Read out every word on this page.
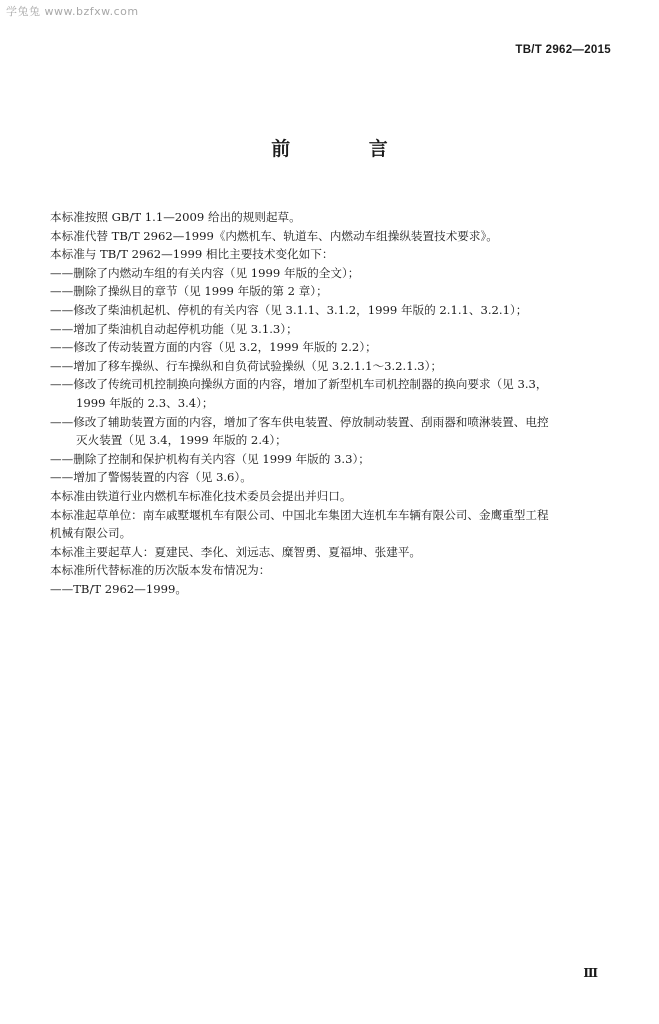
学兔兔 www.bzfxw.com
TB/T 2962—2015
前 言
本标准按照 GB/T 1.1—2009 给出的规则起草。
本标准代替 TB/T 2962—1999《内燃机车、轨道车、内燃动车组操纵装置技术要求》。
本标准与 TB/T 2962—1999 相比主要技术变化如下：
——删除了内燃动车组的有关内容（见 1999 年版的全文）；
——删除了操纵目的章节（见 1999 年版的第 2 章）；
——修改了柴油机起机、停机的有关内容（见 3.1.1、3.1.2，1999 年版的 2.1.1、3.2.1）；
——增加了柴油机自动起停机功能（见 3.1.3）；
——修改了传动装置方面的内容（见 3.2，1999 年版的 2.2）；
——增加了移车操纵、行车操纵和自负荷试验操纵（见 3.2.1.1～3.2.1.3）；
——修改了传统司机控制换向操纵方面的内容，增加了新型机车司机控制器的换向要求（见 3.3，
1999 年版的 2.3、3.4）；
——修改了辅助装置方面的内容，增加了客车供电装置、停放制动装置、刮雨器和喷淋装置、电控
灭火装置（见 3.4，1999 年版的 2.4）；
——删除了控制和保护机构有关内容（见 1999 年版的 3.3）；
——增加了警惕装置的内容（见 3.6）。
本标准由铁道行业内燃机车标准化技术委员会提出并归口。
本标准起草单位：南车戚墅堰机车有限公司、中国北车集团大连机车车辆有限公司、金鹰重型工程
机械有限公司。
本标准主要起草人：夏建民、李化、刘远志、糜智勇、夏福坤、张建平。
本标准所代替标准的历次版本发布情况为：
——TB/T 2962—1999。
Ⅲ
